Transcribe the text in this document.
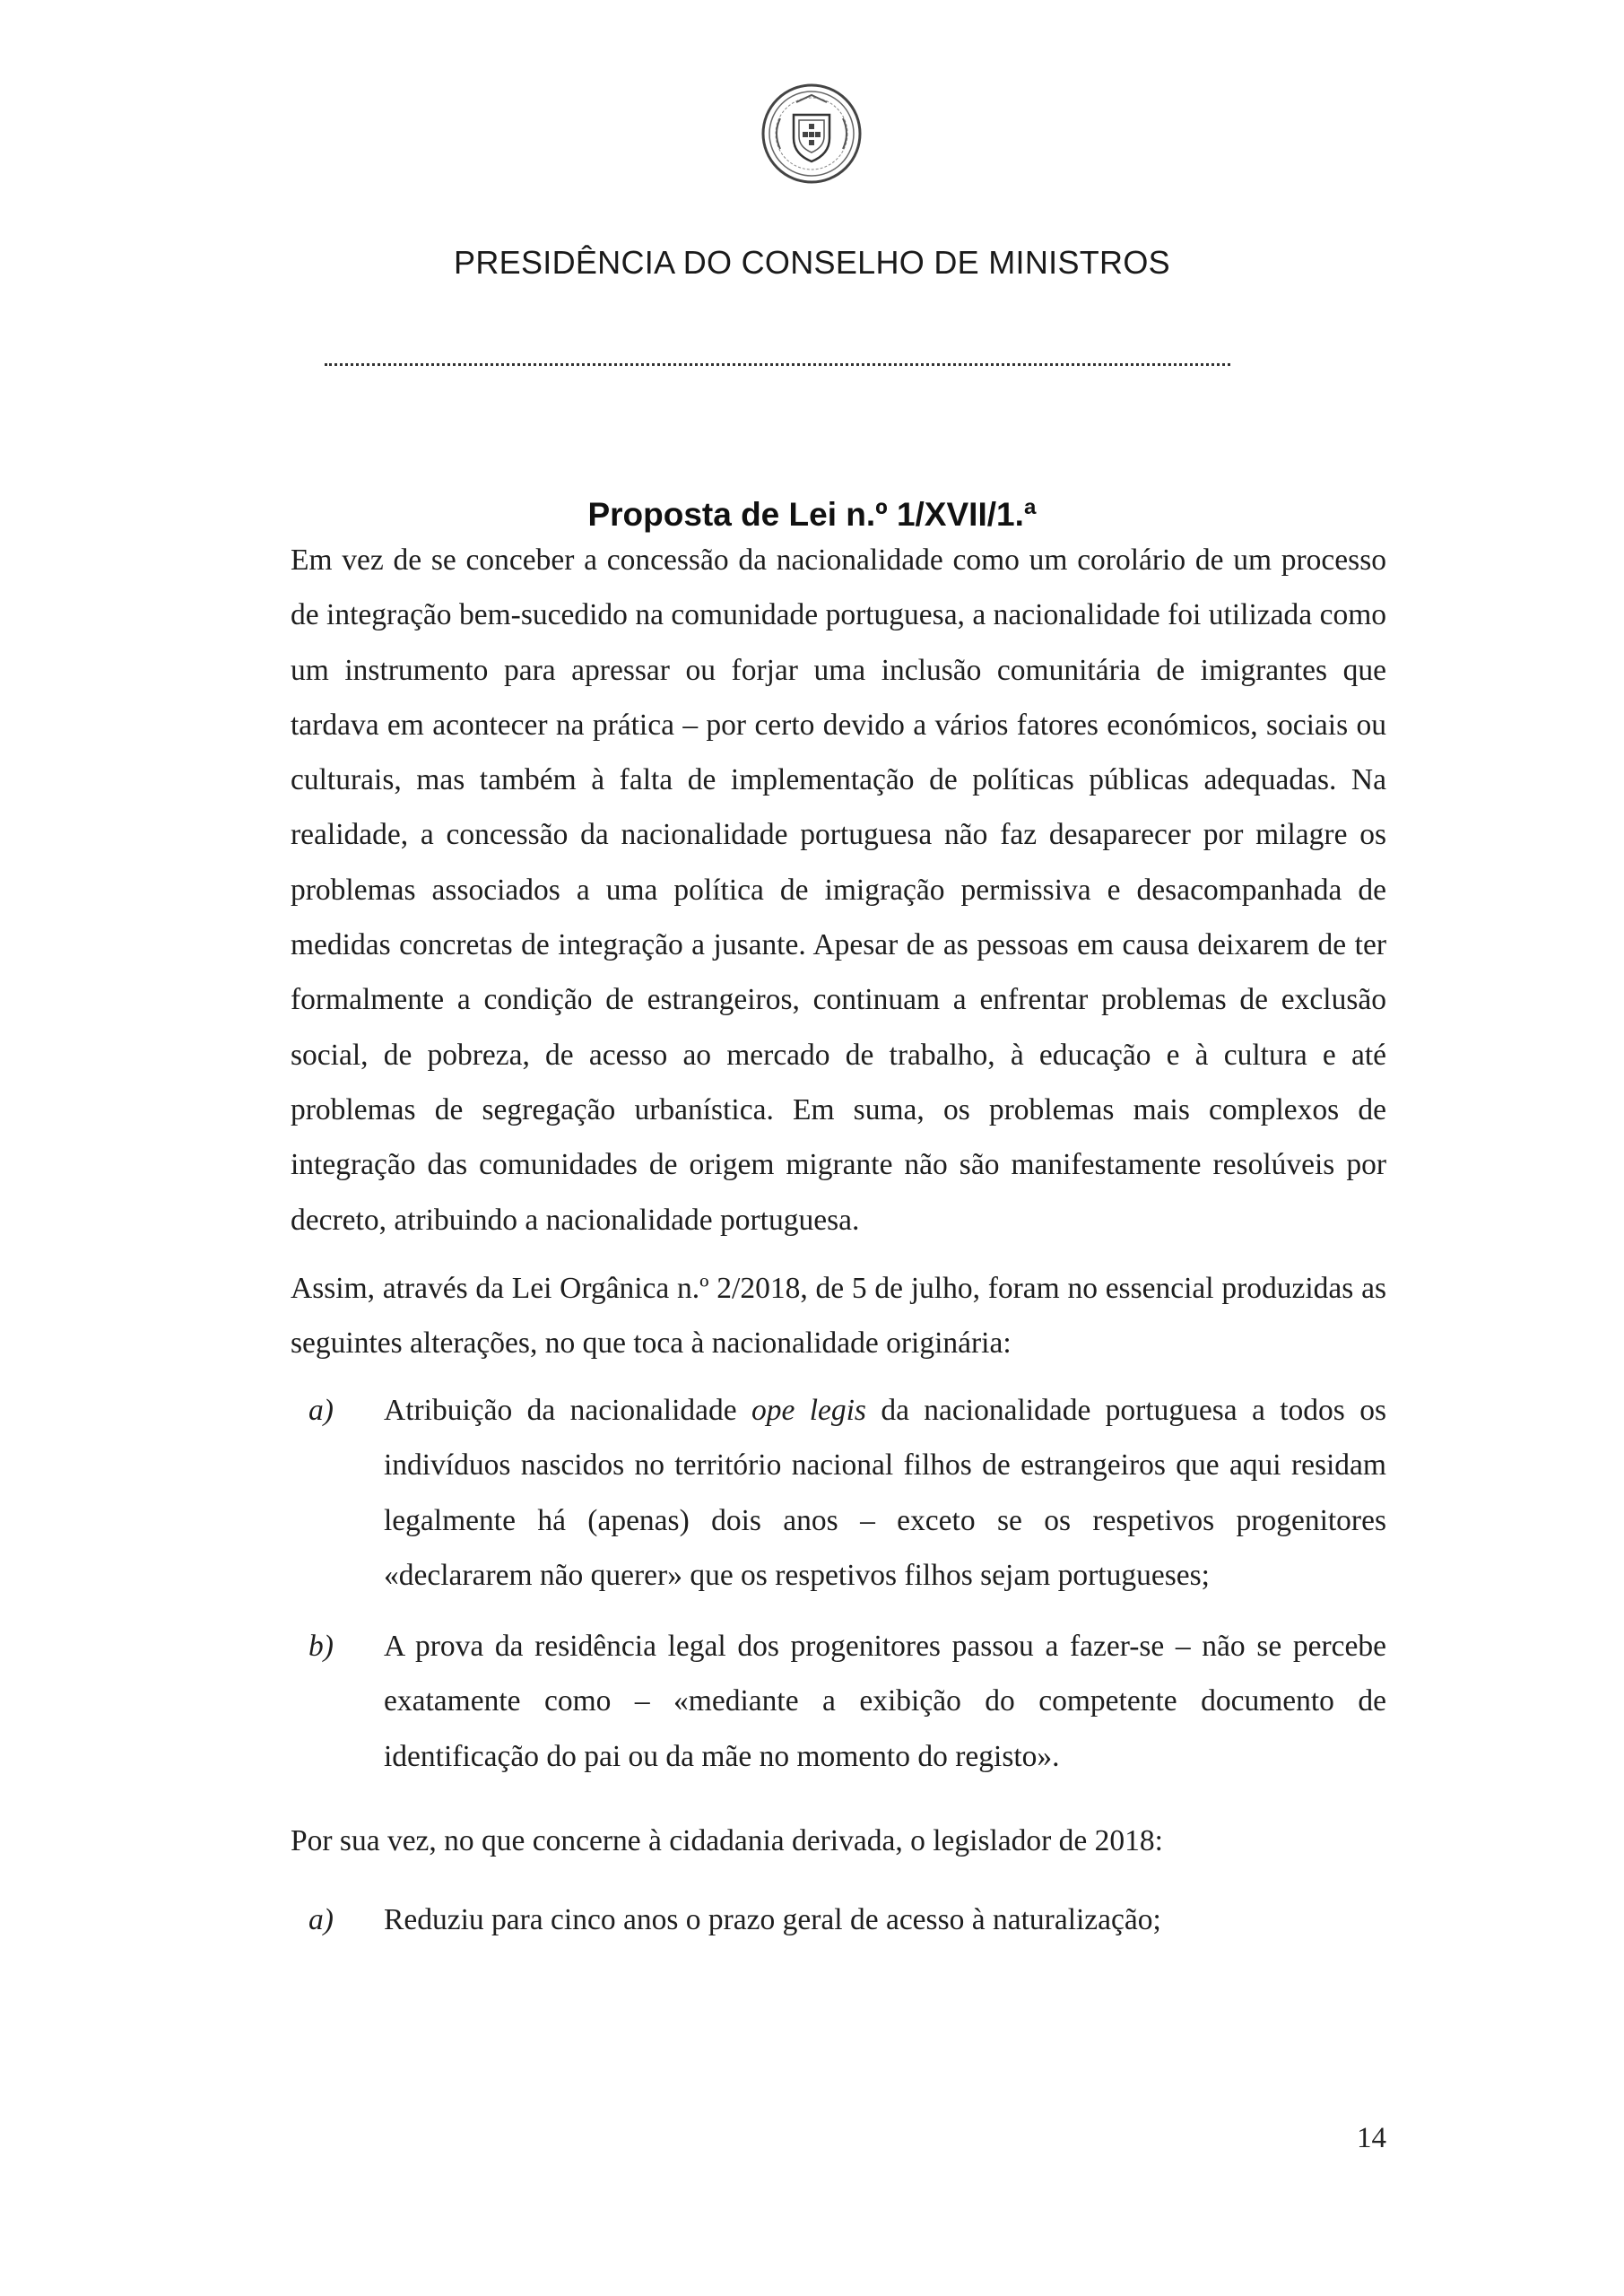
PRESIDÊNCIA DO CONSELHO DE MINISTROS
Proposta de Lei n.º 1/XVII/1.ª

Em vez de se conceber a concessão da nacionalidade como um corolário de um processo de integração bem-sucedido na comunidade portuguesa, a nacionalidade foi utilizada como um instrumento para apressar ou forjar uma inclusão comunitária de imigrantes que tardava em acontecer na prática – por certo devido a vários fatores económicos, sociais ou culturais, mas também à falta de implementação de políticas públicas adequadas. Na realidade, a concessão da nacionalidade portuguesa não faz desaparecer por milagre os problemas associados a uma política de imigração permissiva e desacompanhada de medidas concretas de integração a jusante. Apesar de as pessoas em causa deixarem de ter formalmente a condição de estrangeiros, continuam a enfrentar problemas de exclusão social, de pobreza, de acesso ao mercado de trabalho, à educação e à cultura e até problemas de segregação urbanística. Em suma, os problemas mais complexos de integração das comunidades de origem migrante não são manifestamente resolúveis por decreto, atribuindo a nacionalidade portuguesa.

Assim, através da Lei Orgânica n.º 2/2018, de 5 de julho, foram no essencial produzidas as seguintes alterações, no que toca à nacionalidade originária:

a) Atribuição da nacionalidade ope legis da nacionalidade portuguesa a todos os indivíduos nascidos no território nacional filhos de estrangeiros que aqui residam legalmente há (apenas) dois anos – exceto se os respetivos progenitores «declararem não querer» que os respetivos filhos sejam portugueses;

b) A prova da residência legal dos progenitores passou a fazer-se – não se percebe exatamente como – «mediante a exibição do competente documento de identificação do pai ou da mãe no momento do registo».

Por sua vez, no que concerne à cidadania derivada, o legislador de 2018:

a) Reduziu para cinco anos o prazo geral de acesso à naturalização;

14
